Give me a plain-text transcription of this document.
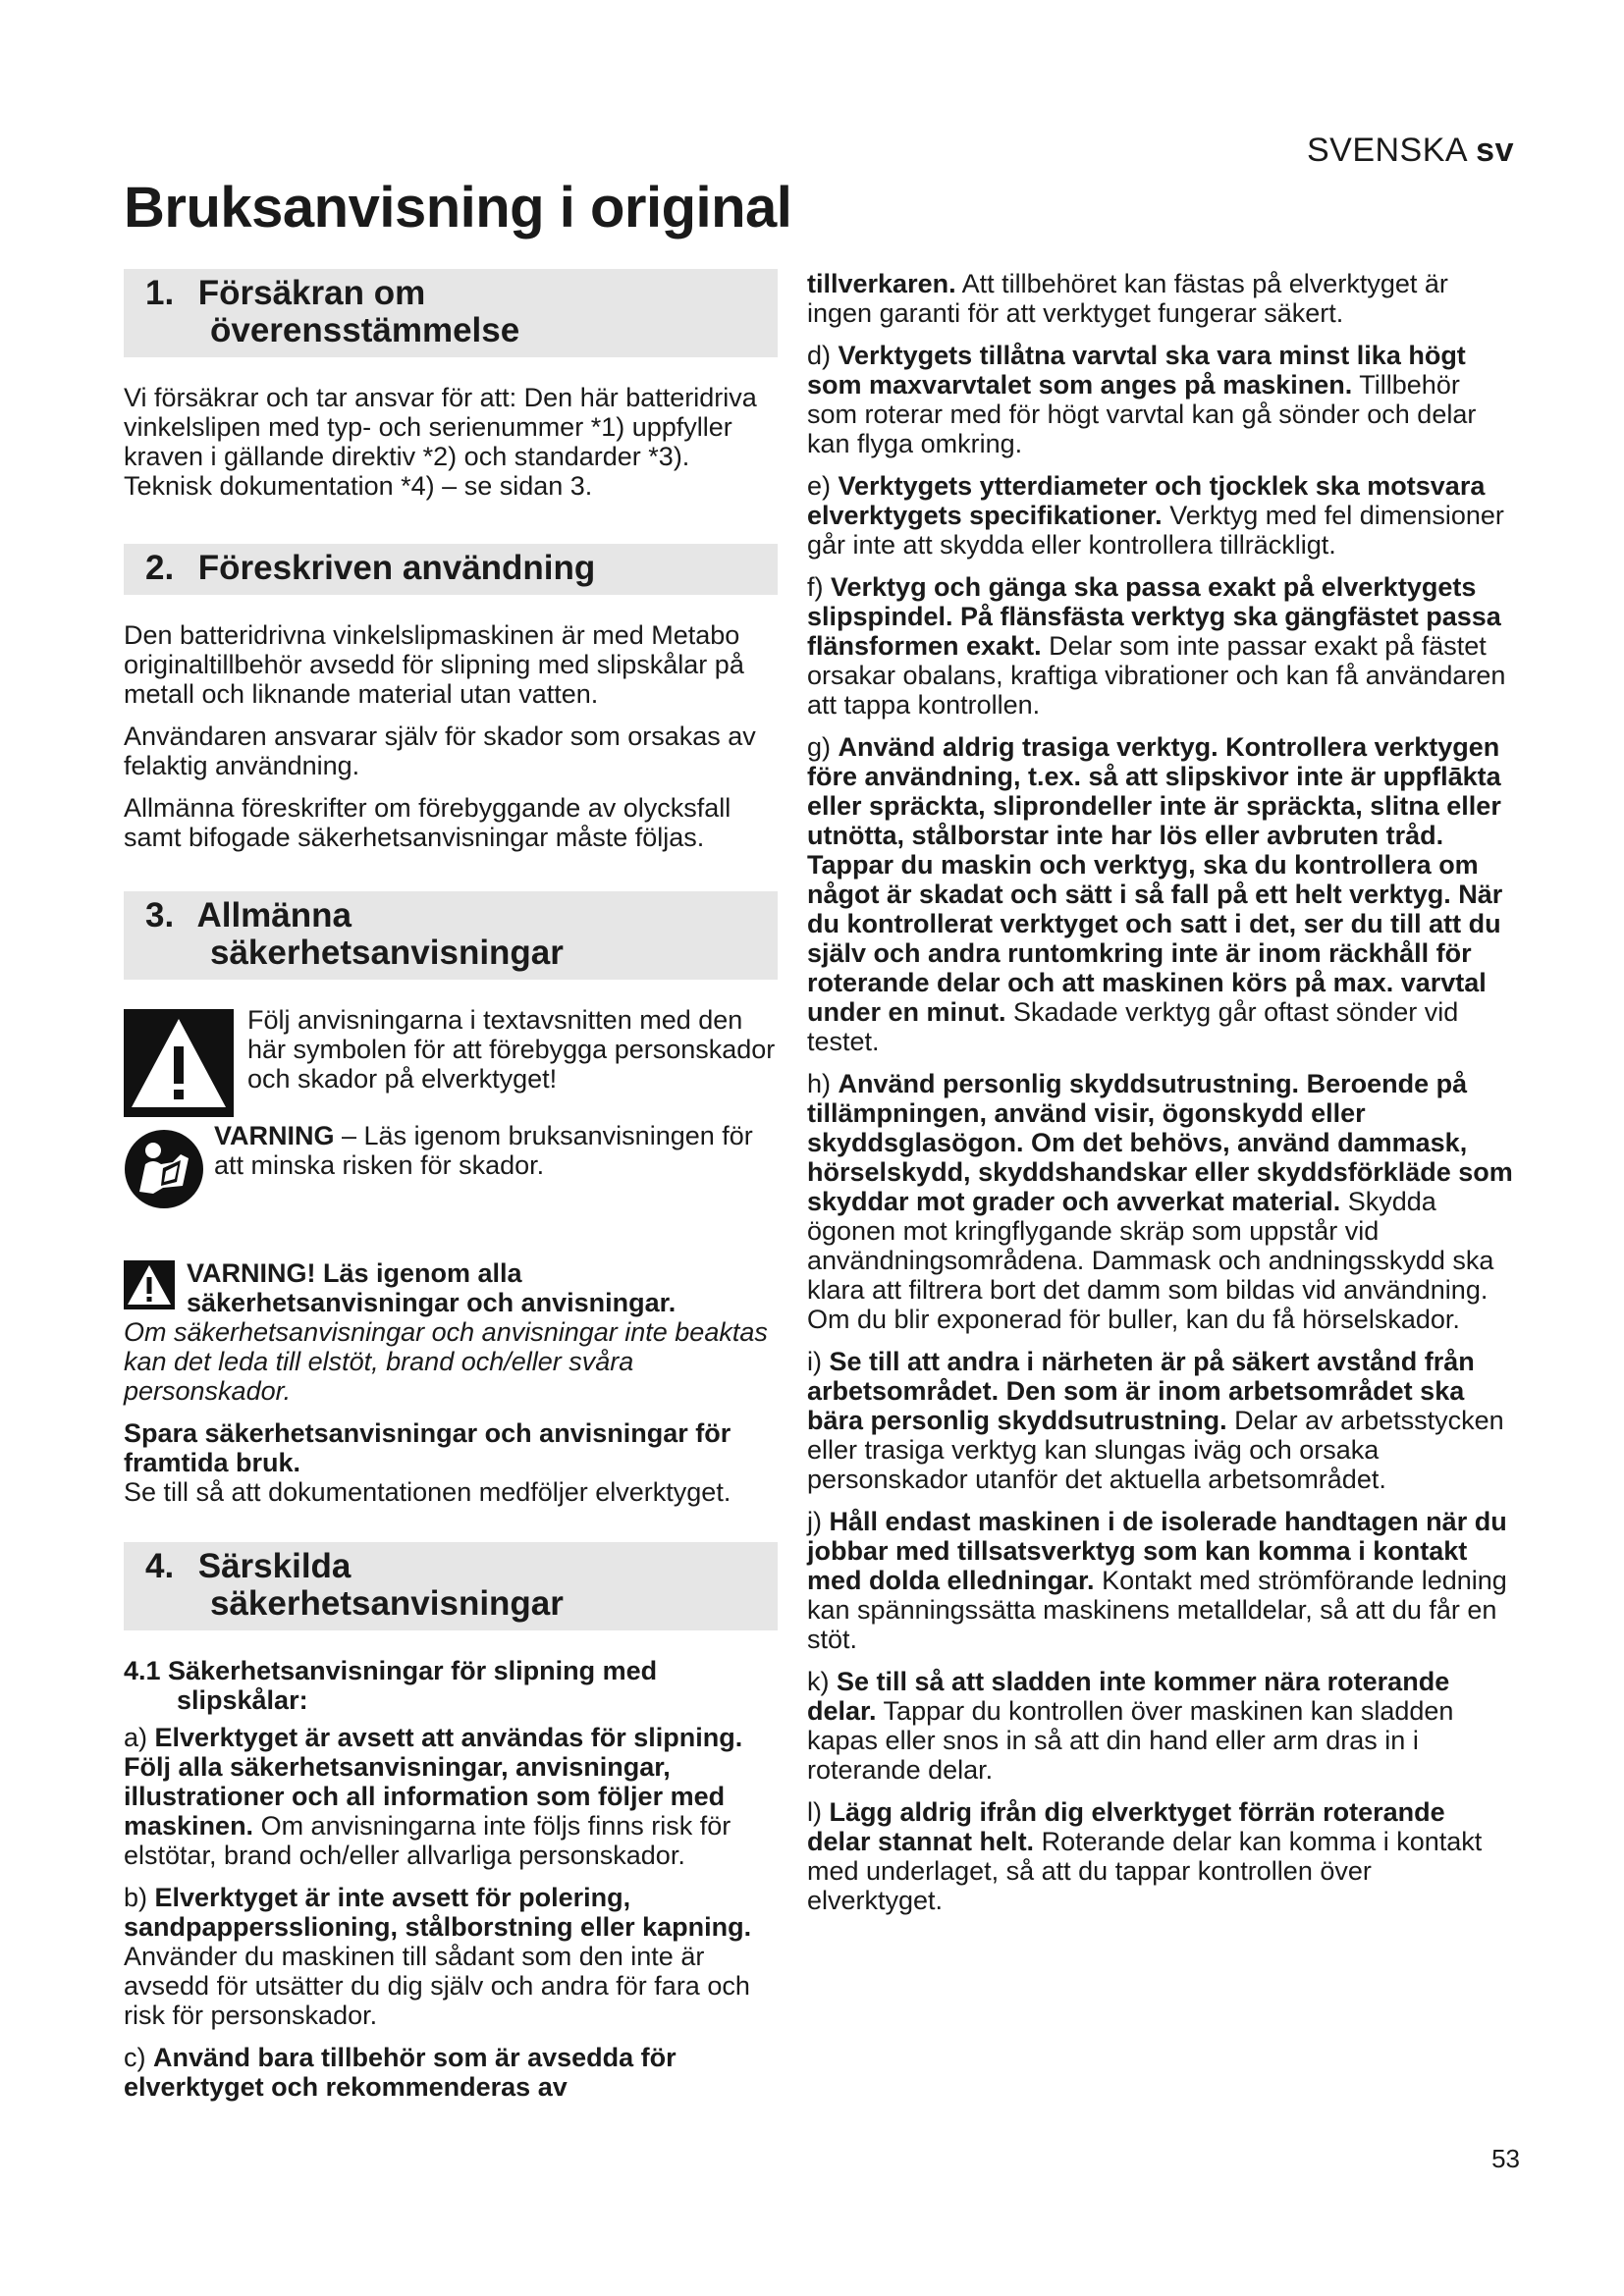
SVENSKA sv
Bruksanvisning i original
1. Försäkran om
överensstämmelse

Vi försäkrar och tar ansvar för att: Den här batteridriva vinkelslipen med typ- och serienummer *1) uppfyller kraven i gällande direktiv *2) och standarder *3). Teknisk dokumentation *4) – se sidan 3.

2. Föreskriven användning

Den batteridrivna vinkelslipmaskinen är med Metabo originaltillbehör avsedd för slipning med slipskålar på metall och liknande material utan vatten.

Användaren ansvarar själv för skador som orsakas av felaktig användning.

Allmänna föreskrifter om förebyggande av olycksfall samt bifogade säkerhetsanvisningar måste följas.

3. Allmänna
säkerhetsanvisningar
Följ anvisningarna i textavsnitten med den här symbolen för att förebygga personskador och skador på elverktyget!
VARNING – Läs igenom bruksanvisningen för att minska risken för skador.
VARNING! Läs igenom alla
säkerhetsanvisningar och anvisningar.

Om säkerhetsanvisningar och anvisningar inte beaktas kan det leda till elstöt, brand och/eller svåra personskador.

Spara säkerhetsanvisningar och anvisningar för framtida bruk.

Se till så att dokumentationen medföljer elverktyget.

4. Särskilda
säkerhetsanvisningar
4.1 Säkerhetsanvisningar för slipning med
slipskålar:

a) Elverktyget är avsett att användas för slipning. Följ alla säkerhetsanvisningar, anvisningar, illustrationer och all information som följer med maskinen. Om anvisningarna inte följs finns risk för elstötar, brand och/eller allvarliga personskador.

b) Elverktyget är inte avsett för polering, sandpappersslioning, stålborstning eller kapning. Använder du maskinen till sådant som den inte är avsedd för utsätter du dig själv och andra för fara och risk för personskador.

c) Använd bara tillbehör som är avsedda för elverktyget och rekommenderas av

tillverkaren. Att tillbehöret kan fästas på elverktyget är ingen garanti för att verktyget fungerar säkert.

d) Verktygets tillåtna varvtal ska vara minst lika högt som maxvarvtalet som anges på maskinen. Tillbehör som roterar med för högt varvtal kan gå sönder och delar kan flyga omkring.

e) Verktygets ytterdiameter och tjocklek ska motsvara elverktygets specifikationer. Verktyg med fel dimensioner går inte att skydda eller kontrollera tillräckligt.

f) Verktyg och gänga ska passa exakt på elverktygets slipspindel. På flänsfästa verktyg ska gängfästet passa flänsformen exakt. Delar som inte passar exakt på fästet orsakar obalans, kraftiga vibrationer och kan få användaren att tappa kontrollen.

g) Använd aldrig trasiga verktyg. Kontrollera verktygen före användning, t.ex. så att slipskivor inte är uppflākta eller spräckta, sliprondeller inte är spräckta, slitna eller utnötta, stålborstar inte har lös eller avbruten tråd. Tappar du maskin och verktyg, ska du kontrollera om något är skadat och sätt i så fall på ett helt verktyg. När du kontrollerat verktyget och satt i det, ser du till att du själv och andra runtomkring inte är inom räckhåll för roterande delar och att maskinen körs på max. varvtal under en minut. Skadade verktyg går oftast sönder vid testet.

h) Använd personlig skyddsutrustning. Beroende på tillämpningen, använd visir, ögonskydd eller skyddsglasögon. Om det behövs, använd dammask, hörselskydd, skyddshandskar eller skyddsförkläde som skyddar mot grader och avverkat material. Skydda ögonen mot kringflygande skräp som uppstår vid användningsområdena. Dammask och andningsskydd ska klara att filtrera bort det damm som bildas vid användning. Om du blir exponerad för buller, kan du få hörselskador.

i) Se till att andra i närheten är på säkert avstånd från arbetsområdet. Den som är inom arbetsområdet ska bära personlig skyddsutrustning. Delar av arbetsstycken eller trasiga verktyg kan slungas iväg och orsaka personskador utanför det aktuella arbetsområdet.

j) Håll endast maskinen i de isolerade handtagen när du jobbar med tillsatsverktyg som kan komma i kontakt med dolda elledningar. Kontakt med strömförande ledning kan spänningssätta maskinens metalldelar, så att du får en stöt.

k) Se till så att sladden inte kommer nära roterande delar. Tappar du kontrollen över maskinen kan sladden kapas eller snos in så att din hand eller arm dras in i roterande delar.

l) Lägg aldrig ifrån dig elverktyget förrän roterande delar stannat helt. Roterande delar kan komma i kontakt med underlaget, så att du tappar kontrollen över elverktyget.

53
